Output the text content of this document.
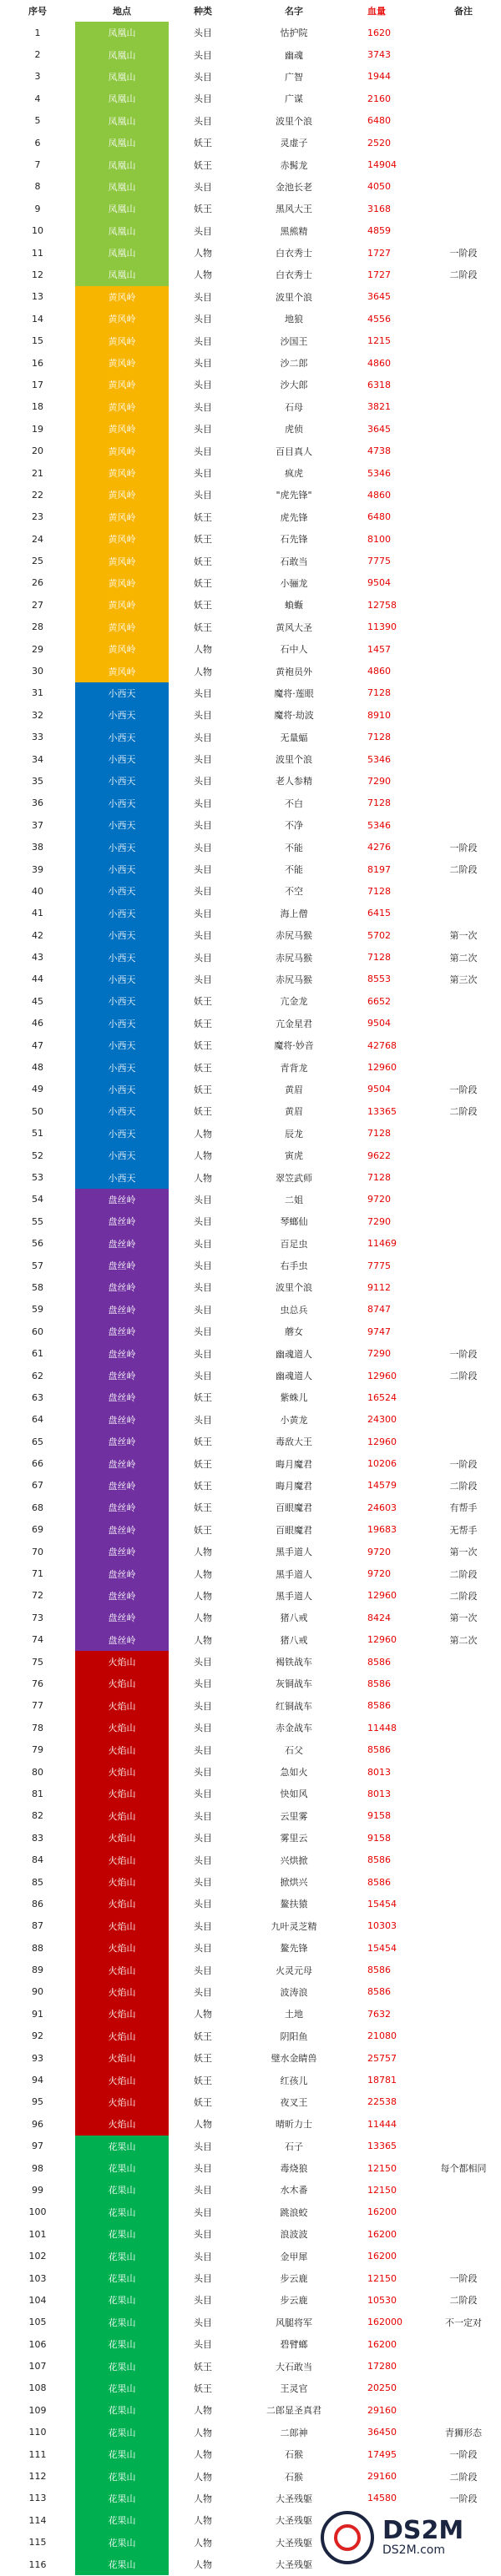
序号	地点	种类	名字	血量	备注
1	凤凰山	头目	怙护院	1620
2	凤凰山	头目	幽魂	3743
3	凤凰山	头目	广智	1944
4	凤凰山	头目	广谋	2160
5	凤凰山	头目	波里个浪	6480
6	凤凰山	妖王	灵虚子	2520
7	凤凰山	妖王	赤髯龙	14904
8	凤凰山	头目	金池长老	4050
9	凤凰山	妖王	黑风大王	3168
10	凤凰山	头目	黑熊精	4859
11	凤凰山	人物	白衣秀士	1727	一阶段
12	凤凰山	人物	白衣秀士	1727	二阶段
13	黄风岭	头目	波里个浪	3645
14	黄风岭	头目	地狼	4556
15	黄风岭	头目	沙国王	1215
16	黄风岭	头目	沙二郎	4860
17	黄风岭	头目	沙大郎	6318
18	黄风岭	头目	石母	3821
19	黄风岭	头目	虎侦	3645
20	黄风岭	头目	百目真人	4738
21	黄风岭	头目	疯虎	5346
22	黄风岭	头目	"虎先锋"	4860
23	黄风岭	妖王	虎先锋	6480
24	黄风岭	妖王	石先锋	8100
25	黄风岭	妖王	石敢当	7775
26	黄风岭	妖王	小骊龙	9504
27	黄风岭	妖王	蝜蝂	12758
28	黄风岭	妖王	黄风大圣	11390
29	黄风岭	人物	石中人	1457
30	黄风岭	人物	黄袍员外	4860
31	小西天	头目	魔将·莲眼	7128
32	小西天	头目	魔将·劫波	8910
33	小西天	头目	无量蝠	7128
34	小西天	头目	波里个浪	5346
35	小西天	头目	老人参精	7290
36	小西天	头目	不白	7128
37	小西天	头目	不净	5346
38	小西天	头目	不能	4276	一阶段
39	小西天	头目	不能	8197	二阶段
40	小西天	头目	不空	7128
41	小西天	头目	海上僧	6415
42	小西天	头目	赤尻马猴	5702	第一次
43	小西天	头目	赤尻马猴	7128	第二次
44	小西天	头目	赤尻马猴	8553	第三次
45	小西天	妖王	亢金龙	6652
46	小西天	妖王	亢金星君	9504
47	小西天	妖王	魔将·妙音	42768
48	小西天	妖王	青背龙	12960
49	小西天	妖王	黄眉	9504	一阶段
50	小西天	妖王	黄眉	13365	二阶段
51	小西天	人物	辰龙	7128
52	小西天	人物	寅虎	9622
53	小西天	人物	翠笠武师	7128
54	盘丝岭	头目	二姐	9720
55	盘丝岭	头目	琴螂仙	7290
56	盘丝岭	头目	百足虫	11469
57	盘丝岭	头目	右手虫	7775
58	盘丝岭	头目	波里个浪	9112
59	盘丝岭	头目	虫总兵	8747
60	盘丝岭	头目	蘑女	9747
61	盘丝岭	头目	幽魂道人	7290	一阶段
62	盘丝岭	头目	幽魂道人	12960	二阶段
63	盘丝岭	妖王	紫蛛儿	16524
64	盘丝岭	头目	小黄龙	24300
65	盘丝岭	妖王	毒敌大王	12960
66	盘丝岭	妖王	晦月魔君	10206	一阶段
67	盘丝岭	妖王	晦月魔君	14579	二阶段
68	盘丝岭	妖王	百眼魔君	24603	有帮手
69	盘丝岭	妖王	百眼魔君	19683	无帮手
70	盘丝岭	人物	黑手道人	9720	第一次
71	盘丝岭	人物	黑手道人	9720	二阶段
72	盘丝岭	人物	黑手道人	12960	二阶段
73	盘丝岭	人物	猪八戒	8424	第一次
74	盘丝岭	人物	猪八戒	12960	第二次
75	火焰山	头目	褐铁战车	8586
76	火焰山	头目	灰铜战车	8586
77	火焰山	头目	红铜战车	8586
78	火焰山	头目	赤金战车	11448
79	火焰山	头目	石父	8586
80	火焰山	头目	急如火	8013
81	火焰山	头目	快如风	8013
82	火焰山	头目	云里雾	9158
83	火焰山	头目	雾里云	9158
84	火焰山	头目	兴烘掀	8586
85	火焰山	头目	掀烘兴	8586
86	火焰山	头目	鳌扶猿	15454
87	火焰山	头目	九叶灵芝精	10303
88	火焰山	头目	鳌先锋	15454
89	火焰山	头目	火灵元母	8586
90	火焰山	头目	波涛浪	8586
91	火焰山	人物	土地	7632
92	火焰山	妖王	阴阳鱼	21080
93	火焰山	妖王	璧水金睛兽	25757
94	火焰山	妖王	红孩儿	18781
95	火焰山	妖王	夜叉王	22538
96	火焰山	人物	晴昕力士	11444
97	花果山	头目	石子	13365
98	花果山	头目	毒烧狼	12150	每个都相同
99	花果山	头目	水木番	12150
100	花果山	头目	跳浪蛟	16200
101	花果山	头目	浪波波	16200
102	花果山	头目	金甲犀	16200
103	花果山	头目	步云鹿	12150	一阶段
104	花果山	头目	步云鹿	10530	二阶段
105	花果山	头目	风腿将军	162000	不一定对
106	花果山	头目	碧臂螂	16200
107	花果山	妖王	大石敢当	17280
108	花果山	妖王	王灵官	20250
109	花果山	人物	二郎显圣真君	29160
110	花果山	人物	二郎神	36450	青狮形态
111	花果山	人物	石猴	17495	一阶段
112	花果山	人物	石猴	29160	二阶段
113	花果山	人物	大圣残躯	14580	一阶段
114	花果山	人物	大圣残躯
115	花果山	人物	大圣残躯
116	花果山	人物	大圣残躯
DS2M
DS2M.com
